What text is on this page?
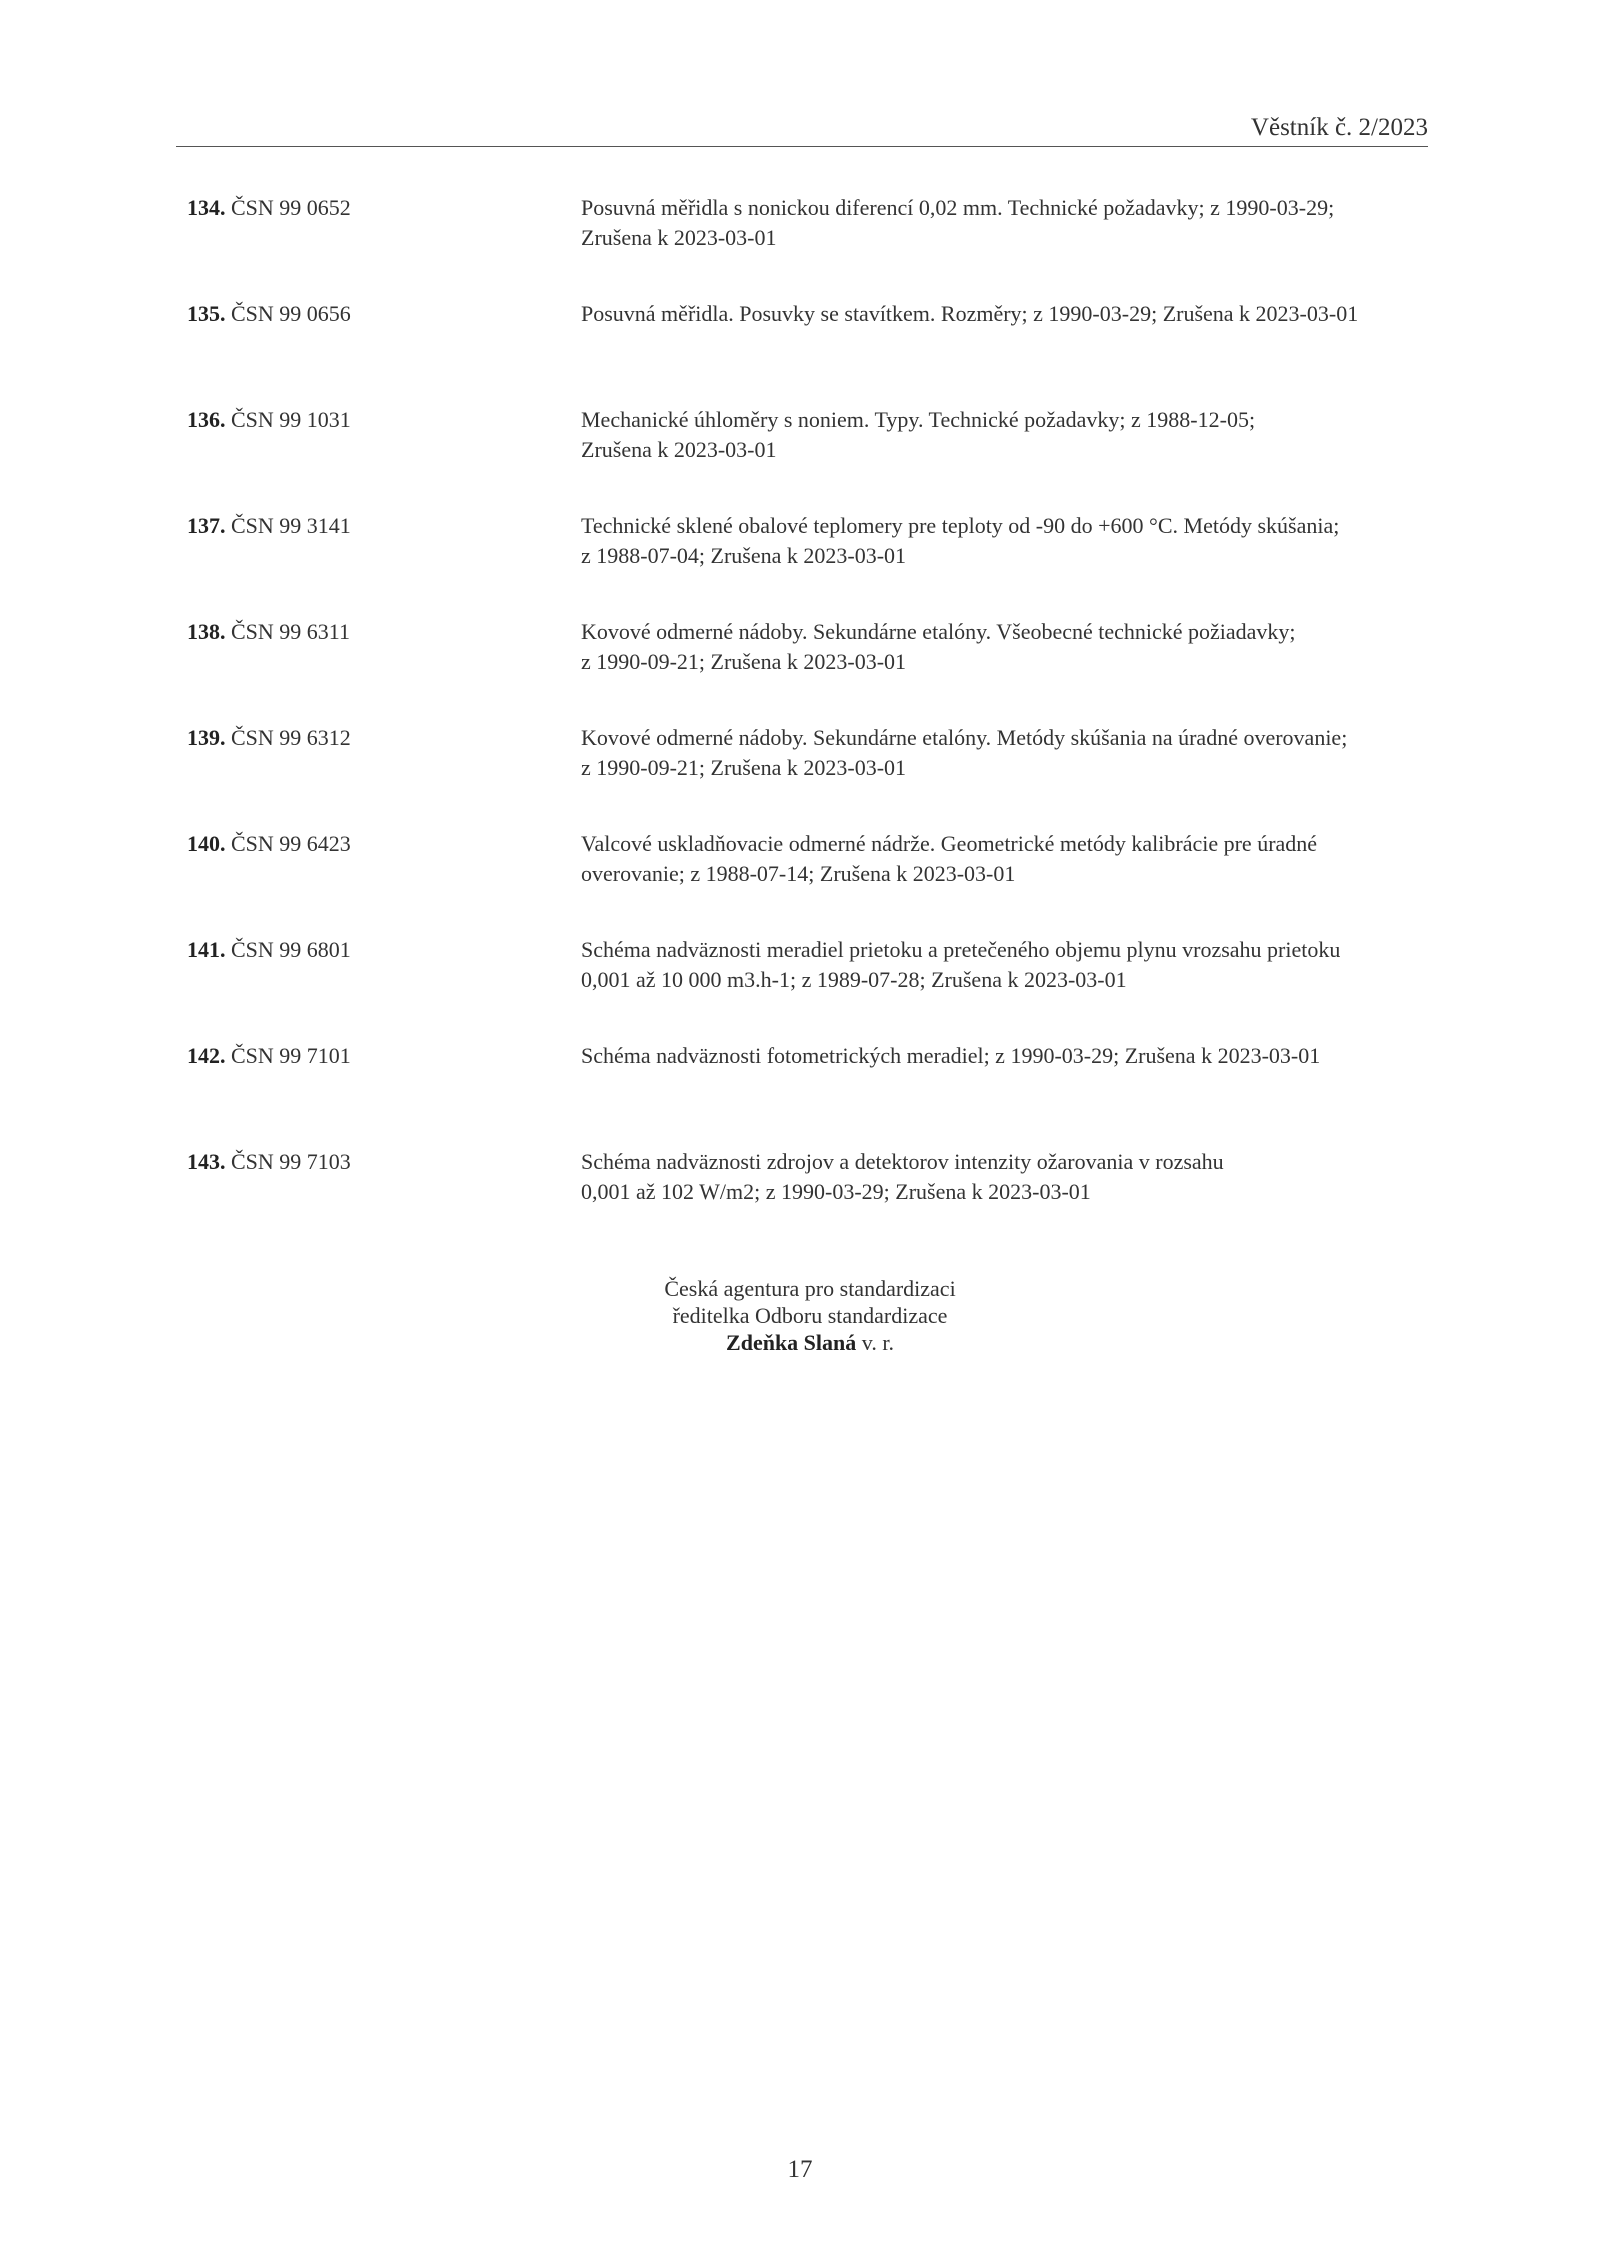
Věstník č. 2/2023
134. ČSN 99 0652	Posuvná měřidla s nonickou diferencí 0,02 mm. Technické požadavky; z 1990-03-29;
Zrušena k 2023-03-01
135. ČSN 99 0656	Posuvná měřidla. Posuvky se stavítkem. Rozměry; z 1990-03-29; Zrušena k 2023-03-01
136. ČSN 99 1031	Mechanické úhloměry s noniem. Typy. Technické požadavky; z 1988-12-05;
Zrušena k 2023-03-01
137. ČSN 99 3141	Technické sklené obalové teplomery pre teploty od -90 do +600 °C. Metódy skúšania;
z 1988-07-04; Zrušena k 2023-03-01
138. ČSN 99 6311	Kovové odmerné nádoby. Sekundárne etalóny. Všeobecné technické požiadavky;
z 1990-09-21; Zrušena k 2023-03-01
139. ČSN 99 6312	Kovové odmerné nádoby. Sekundárne etalóny. Metódy skúšania na úradné overovanie;
z 1990-09-21; Zrušena k 2023-03-01
140. ČSN 99 6423	Valcové uskladňovacie odmerné nádrže. Geometrické metódy kalibrácie pre úradné
overovanie; z 1988-07-14; Zrušena k 2023-03-01
141. ČSN 99 6801	Schéma nadväznosti meradiel prietoku a pretečeného objemu plynu vrozsahu prietoku
0,001 až 10 000 m3.h-1; z 1989-07-28; Zrušena k 2023-03-01
142. ČSN 99 7101	Schéma nadväznosti fotometrických meradiel; z 1990-03-29; Zrušena k 2023-03-01
143. ČSN 99 7103	Schéma nadväznosti zdrojov a detektorov intenzity ožarovania v rozsahu
0,001 až 102 W/m2; z 1990-03-29; Zrušena k 2023-03-01
Česká agentura pro standardizaci
ředitelka Odboru standardizace
Zdeňka Slaná v. r.
17
